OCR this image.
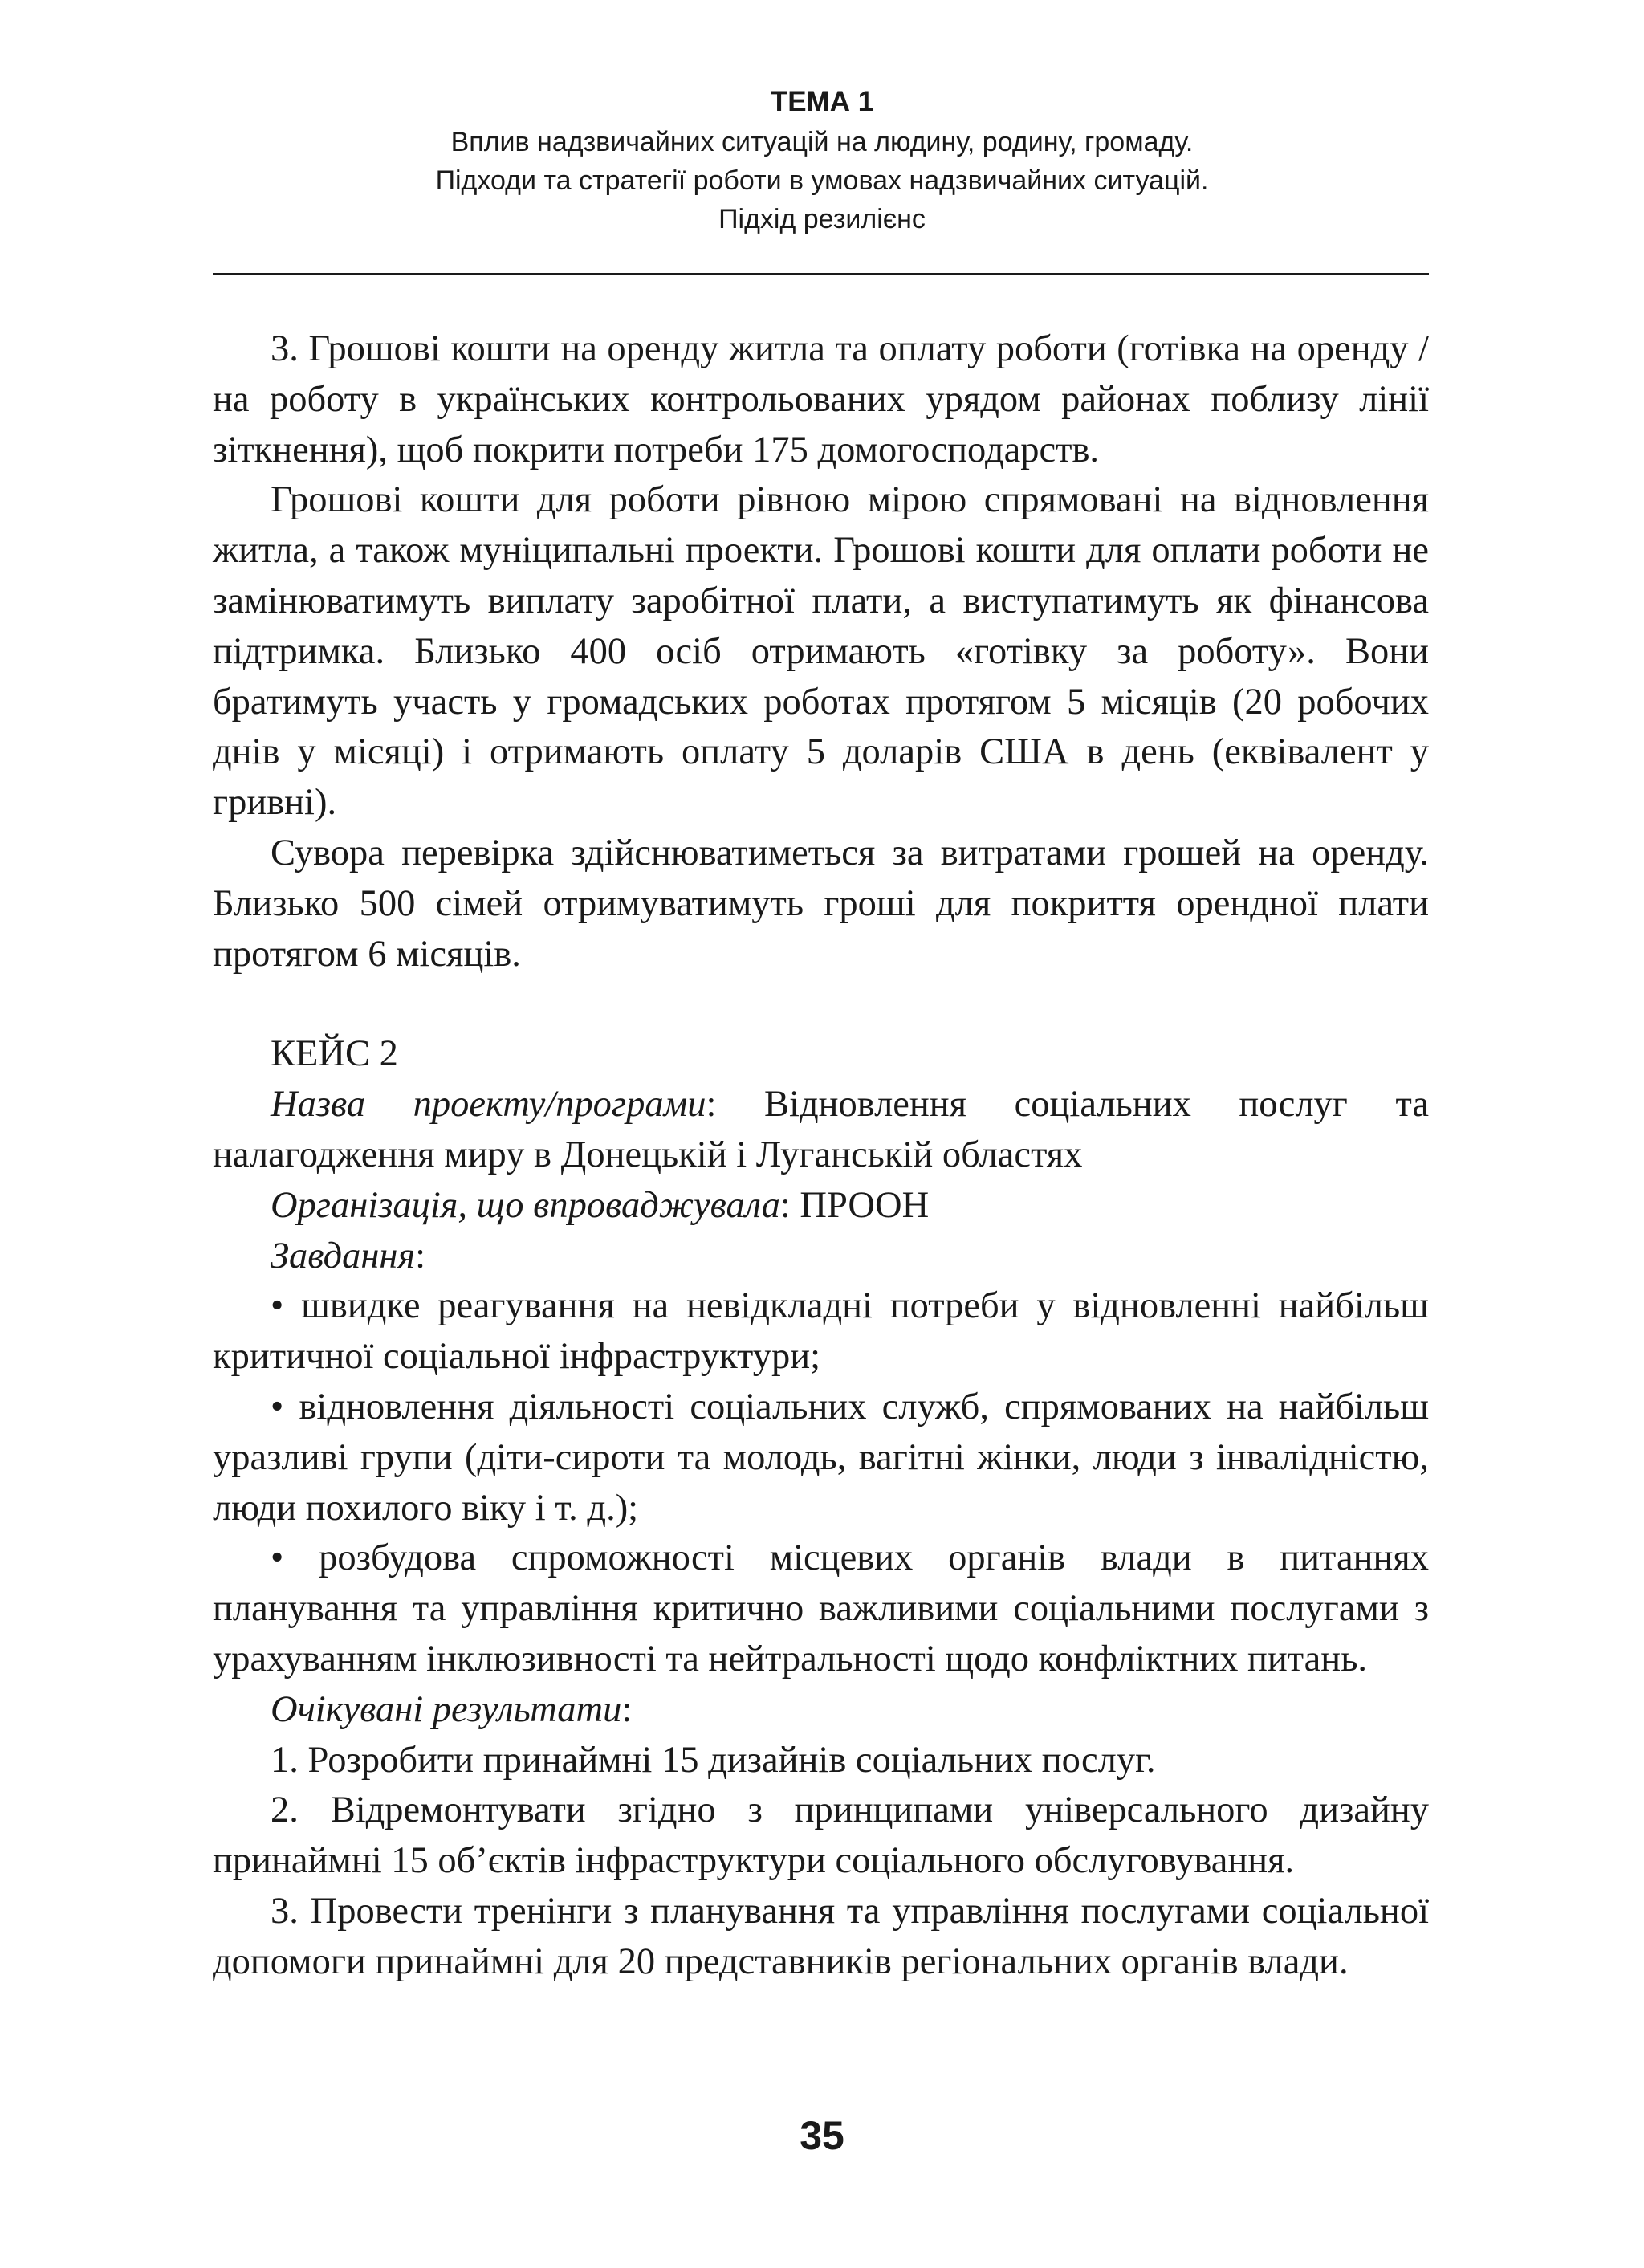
ТЕМА 1
Вплив надзвичайних ситуацій на людину, родину, громаду.
Підходи та стратегії роботи в умовах надзвичайних ситуацій.
Підхід резилієнс

3. Грошові кошти на оренду житла та оплату роботи (готівка на оренду / на роботу в українських контрольованих урядом районах поблизу лінії зіткнення), щоб покрити потреби 175 домогосподарств.

Грошові кошти для роботи рівною мірою спрямовані на відновлення житла, а також муніципальні проекти. Грошові кошти для оплати роботи не замінюватимуть виплату заробітної плати, а виступатимуть як фінансова підтримка. Близько 400 осіб отримають «готівку за роботу». Вони братимуть участь у громадських роботах протягом 5 місяців (20 робочих днів у місяці) і отримають оплату 5 доларів США в день (еквівалент у гривні).

Сувора перевірка здійснюватиметься за витратами грошей на оренду. Близько 500 сімей отримуватимуть гроші для покриття орендної плати протягом 6 місяців.

КЕЙС 2

Назва проекту/програми: Відновлення соціальних послуг та налагодження миру в Донецькій і Луганській областях

Організація, що впроваджувала: ПРООН

Завдання:

• швидке реагування на невідкладні потреби у відновленні найбільш критичної соціальної інфраструктури;

• відновлення діяльності соціальних служб, спрямованих на найбільш уразливі групи (діти-сироти та молодь, вагітні жінки, люди з інвалідністю, люди похилого віку і т. д.);

• розбудова спроможності місцевих органів влади в питаннях планування та управління критично важливими соціальними послугами з урахуванням інклюзивності та нейтральності щодо конфліктних питань.

Очікувані результати:

1. Розробити принаймні 15 дизайнів соціальних послуг.

2. Відремонтувати згідно з принципами універсального дизайну принаймні 15 об’єктів інфраструктури соціального обслуговування.

3. Провести тренінги з планування та управління послугами соціальної допомоги принаймні для 20 представників регіональних органів влади.

35
